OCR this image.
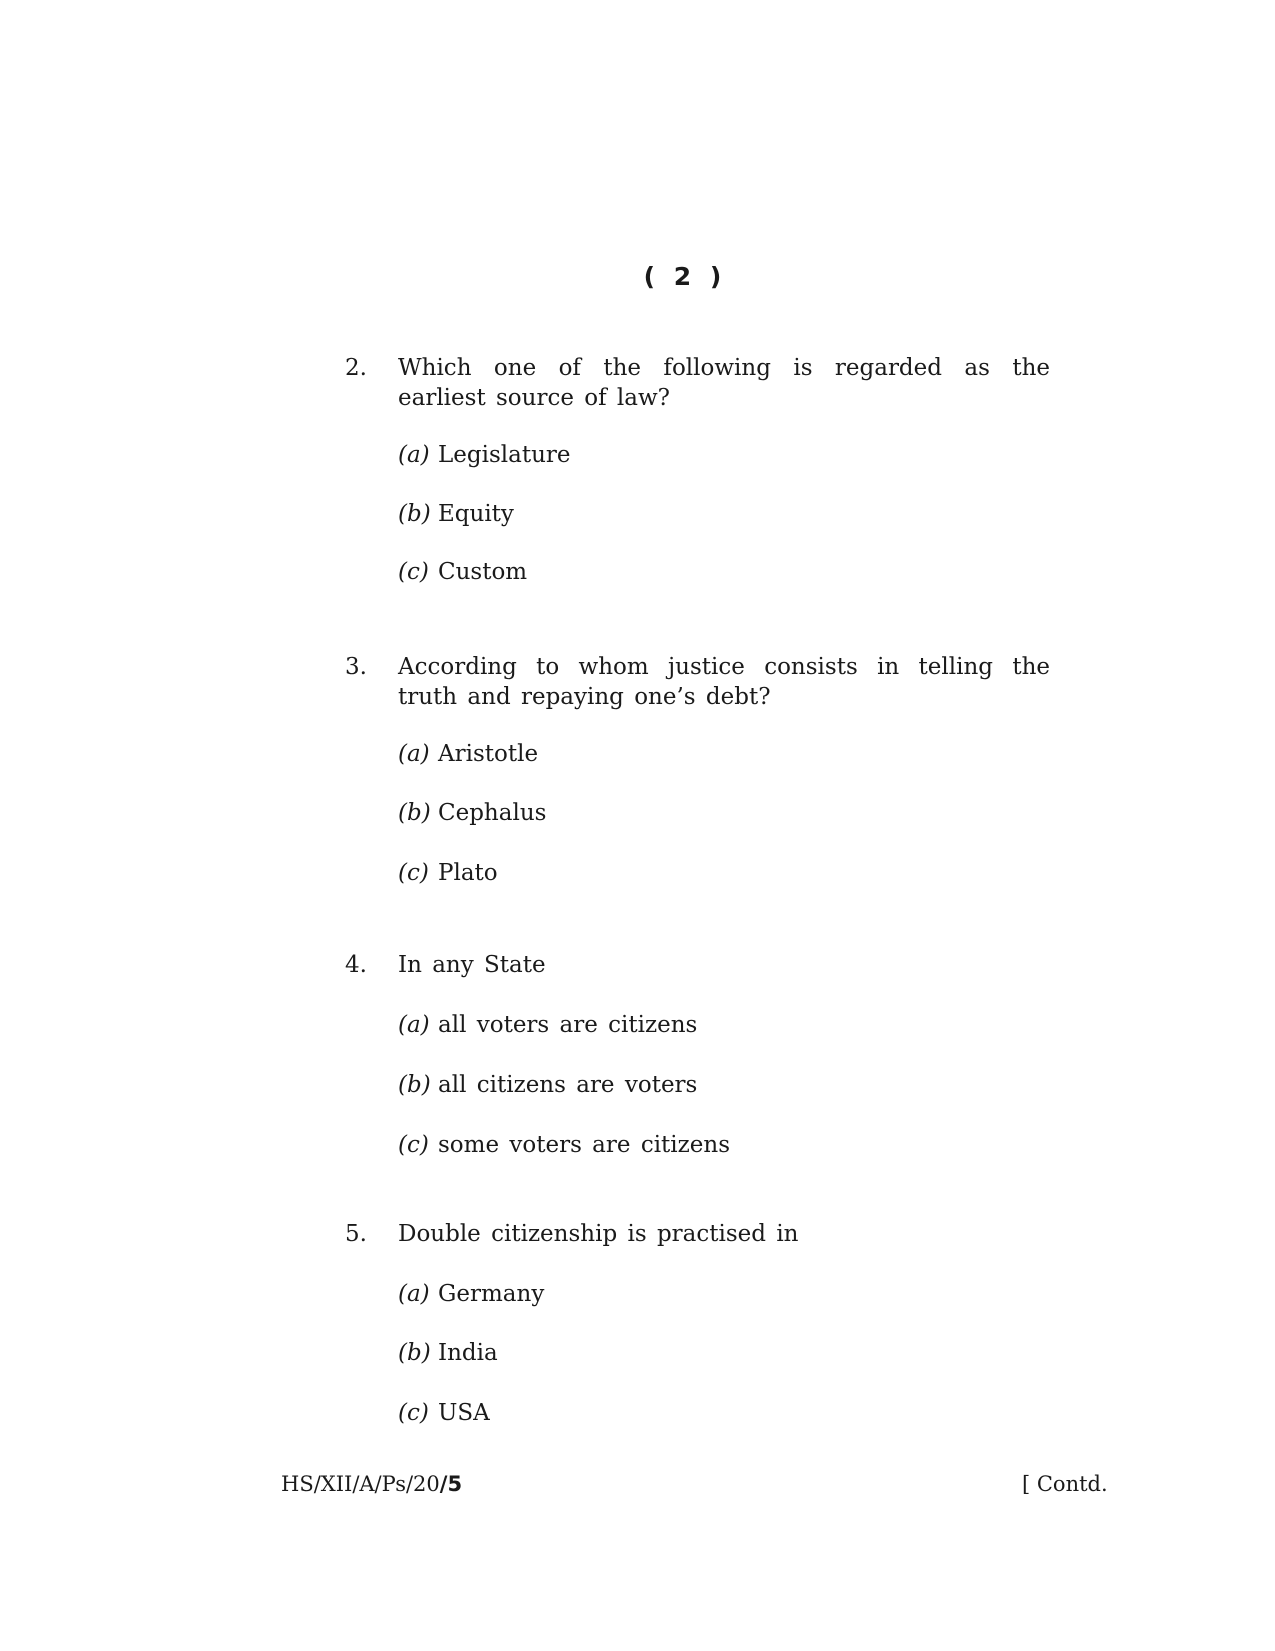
( 2 )
2. Which one of the following is regarded as the earliest source of law?
(a) Legislature
(b) Equity
(c) Custom
3. According to whom justice consists in telling the truth and repaying one’s debt?
(a) Aristotle
(b) Cephalus
(c) Plato
4. In any State
(a) all voters are citizens
(b) all citizens are voters
(c) some voters are citizens
5. Double citizenship is practised in
(a) Germany
(b) India
(c) USA
HS/XII/A/Ps/20/5	[ Contd.
